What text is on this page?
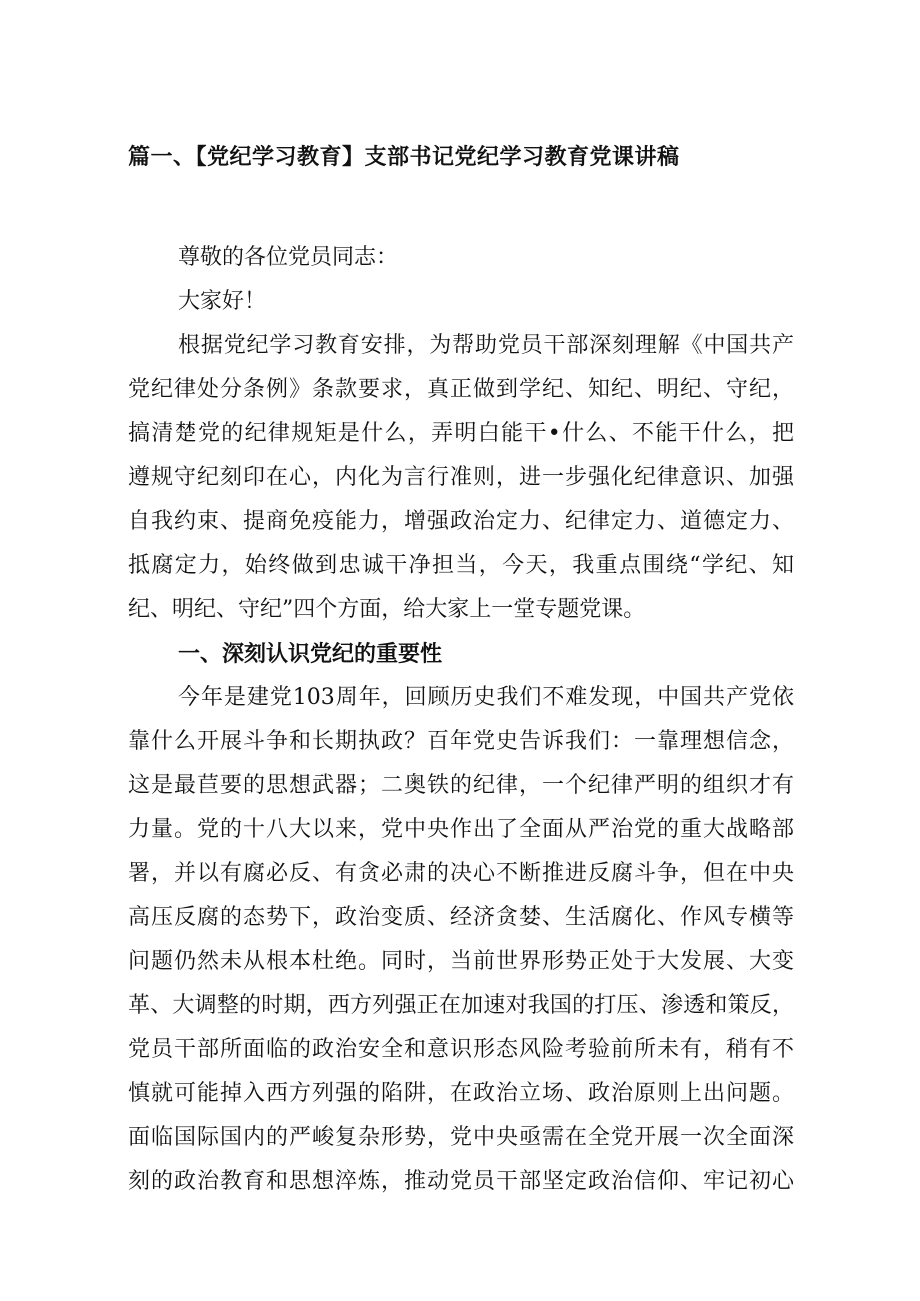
篇一、【党纪学习教育】支部书记党纪学习教育党课讲稿
尊敬的各位党员同志：
大家好！
根据党纪学习教育安排，为帮助党员干部深刻理解《中国共产
党纪律处分条例》条款要求，真正做到学纪、知纪、明纪、守纪，
搞清楚党的纪律规矩是什么，弄明白能干•什么、不能干什么，把
遵规守纪刻印在心，内化为言行准则，进一步强化纪律意识、加强
自我约束、提商免疫能力，增强政治定力、纪律定力、道德定力、
抵腐定力，始终做到忠诚干净担当，今天，我重点围绕“学纪、知
纪、明纪、守纪”四个方面，给大家上一堂专题党课。
一、深刻认识党纪的重要性
今年是建党103周年，回顾历史我们不难发现，中国共产党依
靠什么开展斗争和长期执政？百年党史告诉我们：一靠理想信念，
这是最苣要的思想武器；二奥铁的纪律，一个纪律严明的组织才有
力量。党的十八大以来，党中央作出了全面从严治党的重大战略部
署，并以有腐必反、有贪必肃的决心不断推进反腐斗争，但在中央
高压反腐的态势下，政治变质、经济贪婪、生活腐化、作风专横等
问题仍然未从根本杜绝。同时，当前世界形势正处于大发展、大变
革、大调整的时期，西方列强正在加速对我国的打压、渗透和策反，
党员干部所面临的政治安全和意识形态风险考验前所未有，稍有不
慎就可能掉入西方列强的陷阱，在政治立场、政治原则上出问题。
面临国际国内的严峻复杂形势，党中央亟需在全党开展一次全面深
刻的政治教育和思想淬炼，推动党员干部坚定政治信仰、牢记初心
